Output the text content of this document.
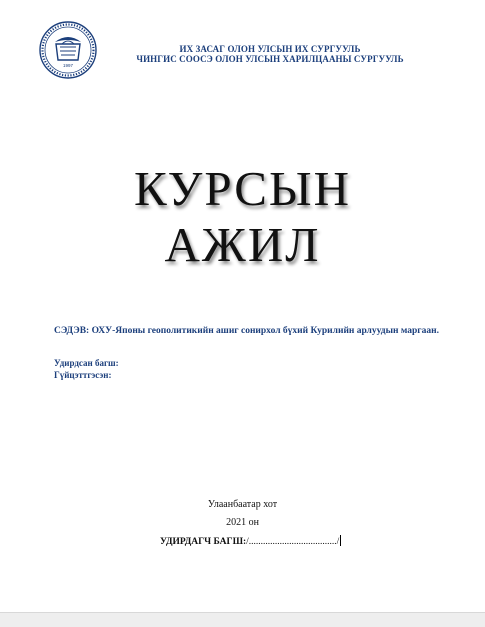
1997
ИХ ЗАСАГ ОЛОН УЛСЫН ИХ СУРГУУЛЬ
ЧИНГИС СООСЭ ОЛОН УЛСЫН ХАРИЛЦААНЫ СУРГУУЛЬ
КУРСЫН
АЖИЛ
СЭДЭВ: ОХУ-Японы геополитикийн ашиг сонирхол бүхий Курилийн арлуудын маргаан.
Удирдсан багш:
Гүйцэттгэсэн:
Улаанбаатар хот
2021 он
УДИРДАГЧ БАГШ:/...................................../
